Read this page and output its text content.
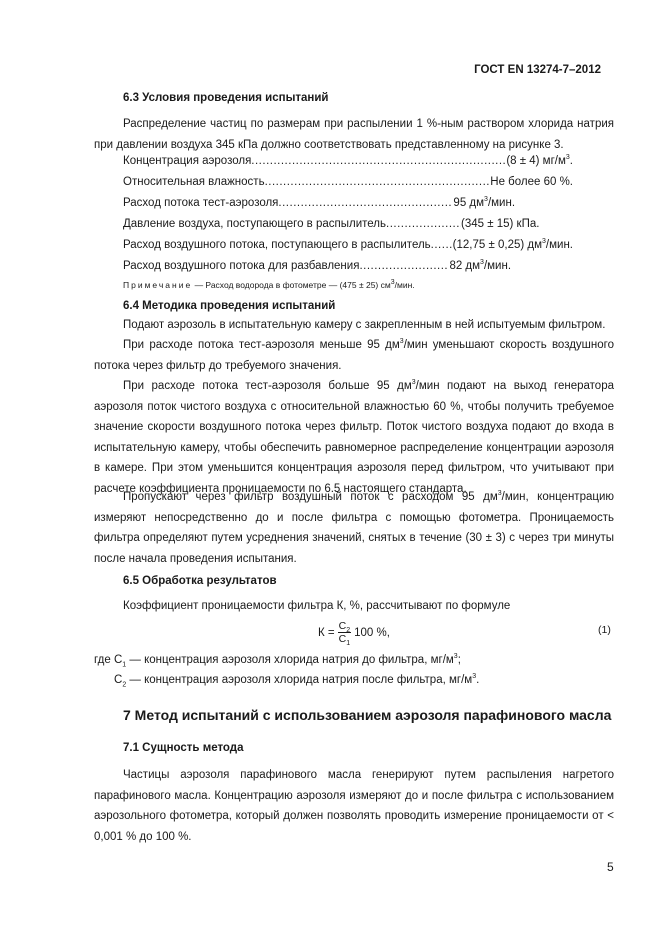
ГОСТ EN 13274-7–2012
6.3 Условия проведения испытаний
Распределение частиц по размерам при распылении 1 %-ным раствором хлорида натрия при давлении воздуха 345 кПа должно соответствовать представленному на рисунке 3.
Концентрация аэрозоля .....	(8 ± 4) $мг/м^3$.
Относительная влажность .....	Не более 60 %.
Расход потока тест-аэрозоля .....	95 $дм^3$/мин.
Давление воздуха, поступающего в распылитель .....	(345 ± 15) кПа.
Расход воздушного потока, поступающего в распылитель ..... (12,75 ± 0,25) $дм^3$/мин.
Расход воздушного потока для разбавления .....	82 $дм^3$/мин.
Примечание — Расход водорода в фотометре — (475 ± 25) $см^3$/мин.
6.4 Методика проведения испытаний
Подают аэрозоль в испытательную камеру с закрепленным в ней испытуемым фильтром.
При расходе потока тест-аэрозоля меньше 95 $дм^3$/мин уменьшают скорость воздушного потока через фильтр до требуемого значения.
При расходе потока тест-аэрозоля больше 95 $дм^3$/мин подают на выход генератора аэрозоля поток чистого воздуха с относительной влажностью 60 %, чтобы получить требуемое значение скорости воздушного потока через фильтр. Поток чистого воздуха подают до входа в испытательную камеру, чтобы обеспечить равномерное распределение концентрации аэрозоля в камере. При этом уменьшится концентрация аэрозоля перед фильтром, что учитывают при расчете коэффициента проницаемости по 6.5 настоящего стандарта.
Пропускают через фильтр воздушный поток с расходом 95 $дм^3$/мин, концентрацию измеряют непосредственно до и после фильтра с помощью фотометра. Проницаемость фильтра определяют путем усреднения значений, снятых в течение (30 ± 3) с через три минуты после начала проведения испытания.
6.5 Обработка результатов
Коэффициент проницаемости фильтра К, %, рассчитывают по формуле
$К = \frac{C_2}{C_1} 100$ %,	(1)
где $C_1$ — концентрация аэрозоля хлорида натрия до фильтра, $мг/м^3$;
$C_2$ — концентрация аэрозоля хлорида натрия после фильтра, $мг/м^3$.
7 Метод испытаний с использованием аэрозоля парафинового масла
7.1 Сущность метода
Частицы аэрозоля парафинового масла генерируют путем распыления нагретого парафинового масла. Концентрацию аэрозоля измеряют до и после фильтра с использованием аэрозольного фотометра, который должен позволять проводить измерение проницаемости от < 0,001 % до 100 %.
5
